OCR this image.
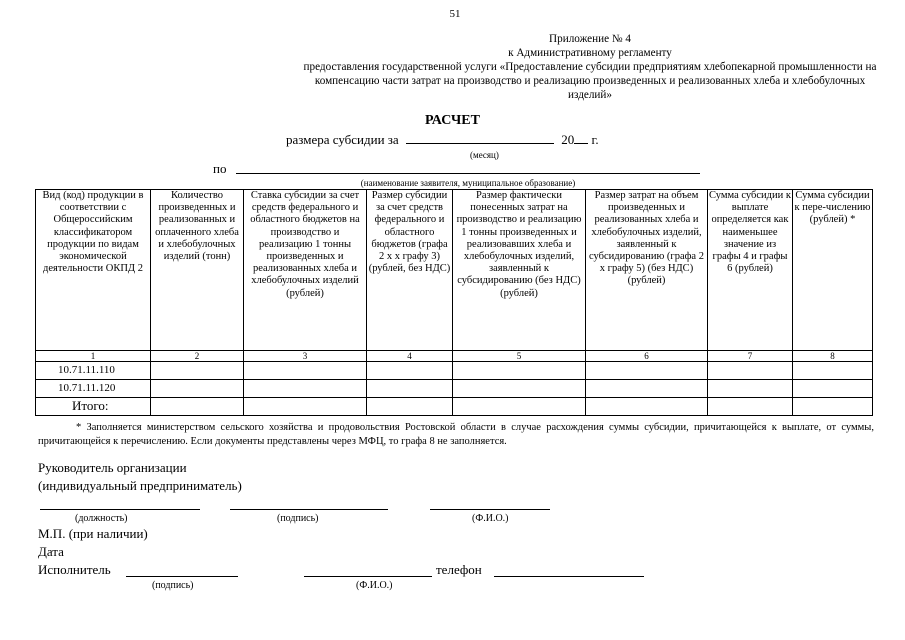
51
Приложение № 4
к Административному регламенту
предоставления государственной услуги «Предоставление субсидии предприятиям хлебопекарной промышленности на компенсацию части затрат на производство и реализацию произведенных и реализованных хлеба и хлебобулочных изделий»
РАСЧЕТ
размера субсидии за	20 г.
(месяц)
по
(наименование заявителя, муниципальное образование)
Вид (код) продукции в соответствии с Общероссийским классификатором продукции по видам экономической деятельности ОКПД 2	Количество произведенных и реализованных и оплаченного хлеба и хлебобулочных изделий (тонн)	Ставка субсидии за счет средств федерального и областного бюджетов на производство и реализацию 1 тонны произведенных и реализованных хлеба и хлебобулочных изделий (рублей)	Размер субсидии за счет средств федерального и областного бюджетов (графа 2 х х графу 3) (рублей, без НДС)	Размер фактически понесенных затрат на производство и реализацию 1 тонны произведенных и реализовавших хлеба и хлебобулочных изделий, заявленный к субсидированию (без НДС) (рублей)	Размер затрат на объем произведенных и реализованных хлеба и хлебобулочных изделий, заявленный к субсидированию (графа 2 х графу 5) (без НДС) (рублей)	Сумма субсидии к выплате определяется как наименьшее значение из графы 4 и графы 6 (рублей)	Сумма субсидии к пере-числению (рублей) *
1	2	3	4	5	6	7	8
10.71.11.110							
10.71.11.120							
Итого:							
* Заполняется министерством сельского хозяйства и продовольствия Ростовской области в случае расхождения суммы субсидии, причитающейся к выплате, от суммы, причитающейся к перечислению. Если документы представлены через МФЦ, то графа 8 не заполняется.
Руководитель организации
(индивидуальный предприниматель)
(должность)	(подпись)	(Ф.И.О.)
М.П. (при наличии)
Дата
Исполнитель	телефон
(подпись)	(Ф.И.О.)
